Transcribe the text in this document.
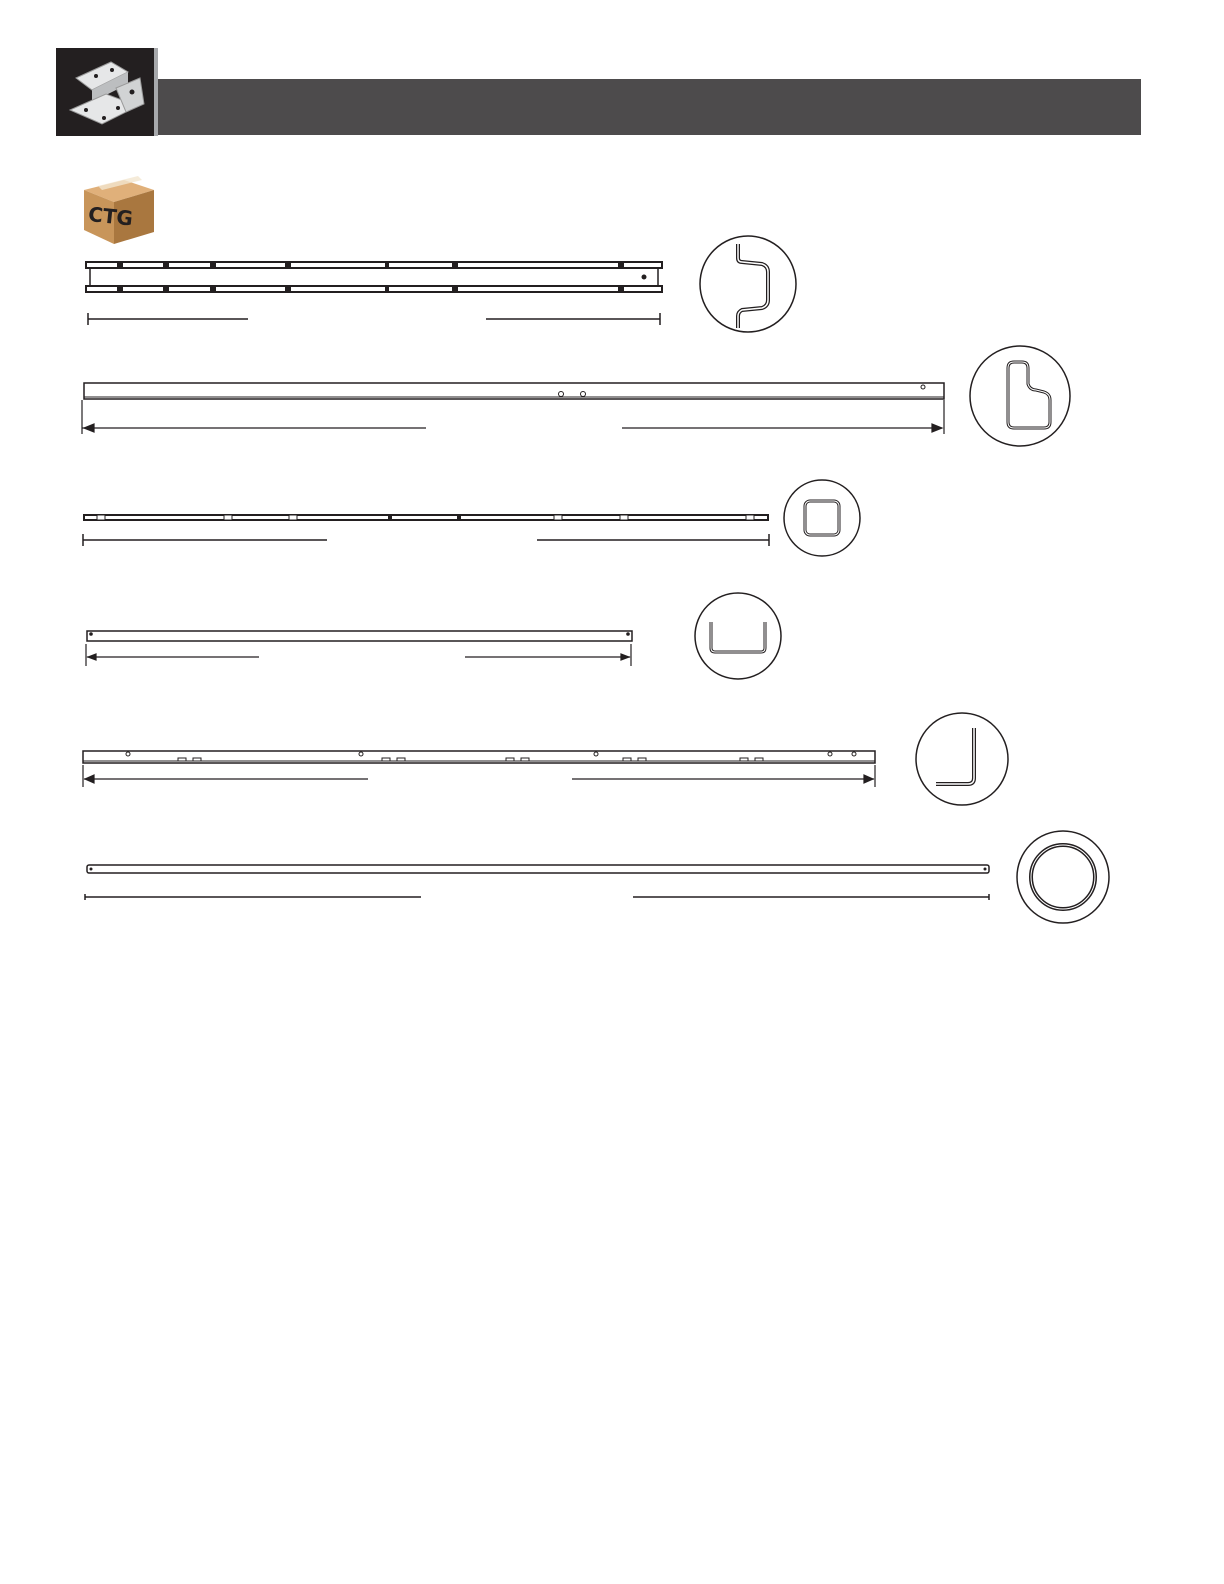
CTG
